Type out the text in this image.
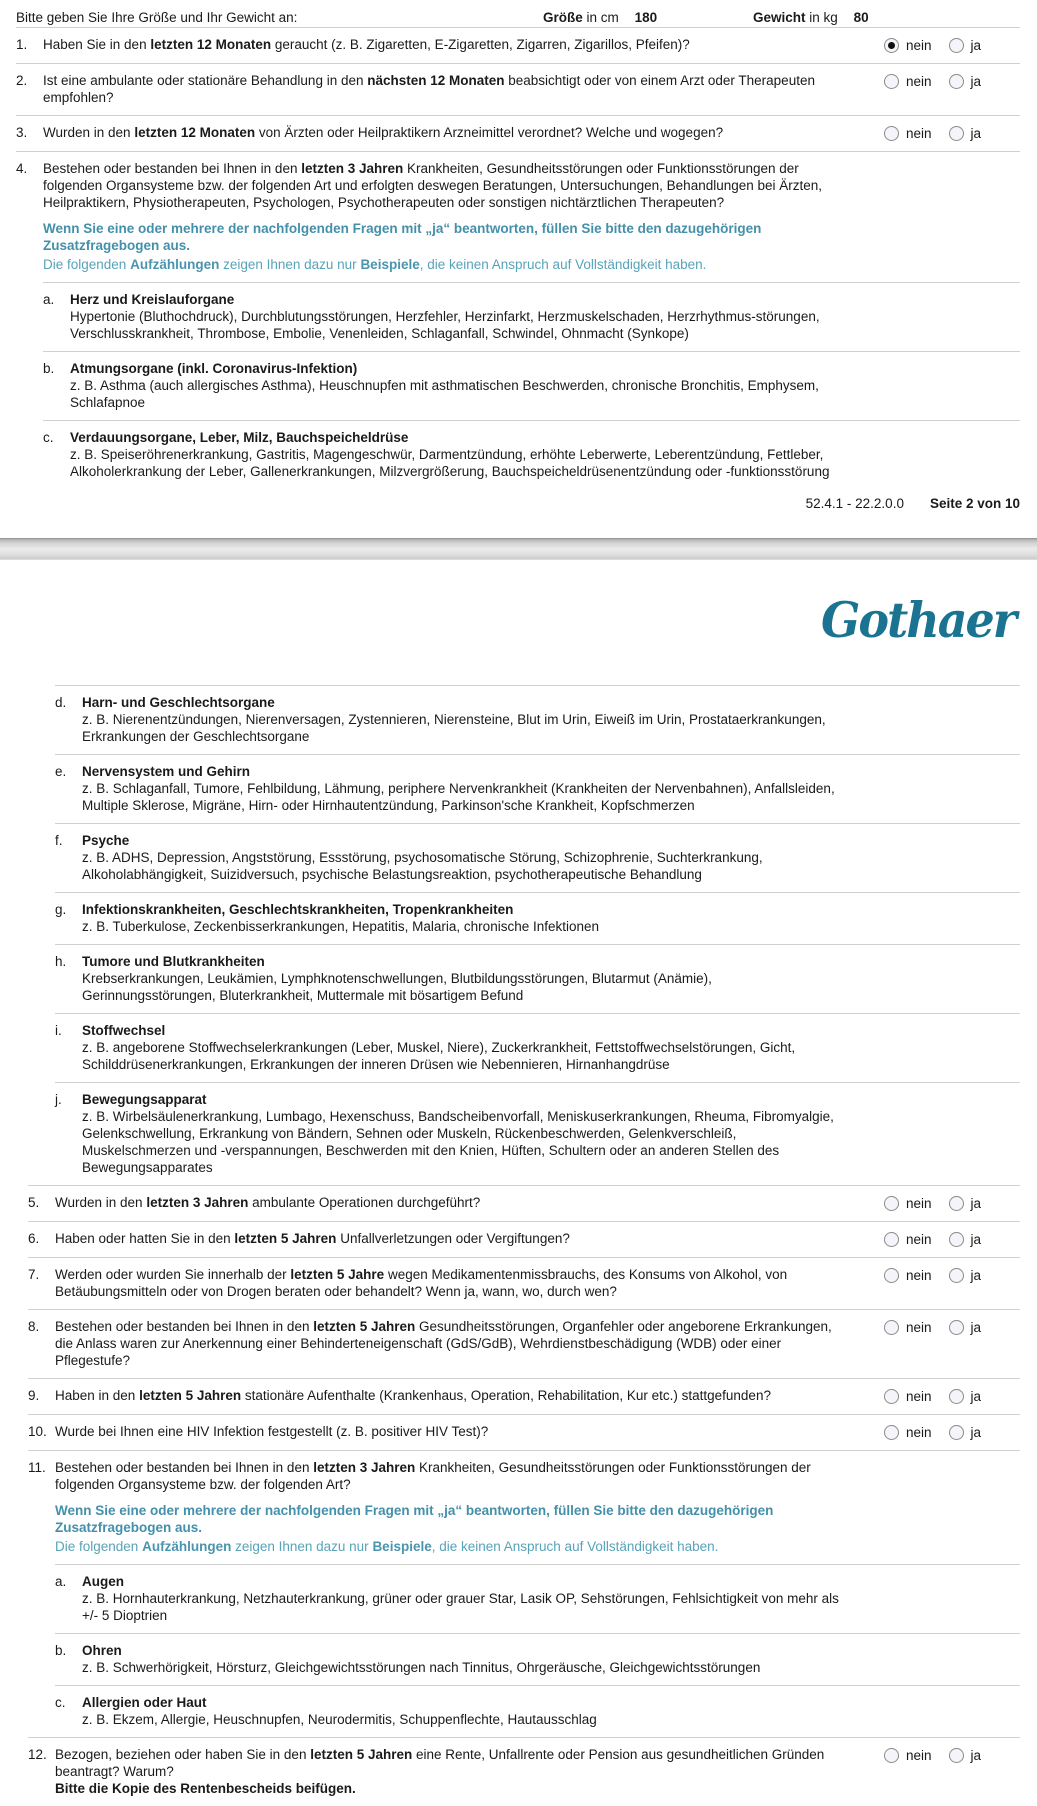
Bitte geben Sie Ihre Größe und Ihr Gewicht an:	Größe in cm 180	Gewicht in kg 80
1.	Haben Sie in den letzten 12 Monaten geraucht (z. B. Zigaretten, E-Zigaretten, Zigarren, Zigarillos, Pfeifen)?	nein	ja
2.	Ist eine ambulante oder stationäre Behandlung in den nächsten 12 Monaten beabsichtigt oder von einem Arzt oder Therapeuten empfohlen?
nein	ja
3.	Wurden in den letzten 12 Monaten von Ärzten oder Heilpraktikern Arzneimittel verordnet? Welche und wogegen?	nein	ja
4.	Bestehen oder bestanden bei Ihnen in den letzten 3 Jahren Krankheiten, Gesundheitsstörungen oder Funktionsstörungen der folgenden Organsysteme bzw. der folgenden Art und erfolgten deswegen Beratungen, Untersuchungen, Behandlungen bei Ärzten, Heilpraktikern, Physiotherapeuten, Psychologen, Psychotherapeuten oder sonstigen nichtärztlichen Therapeuten?
Wenn Sie eine oder mehrere der nachfolgenden Fragen mit „ja“ beantworten, füllen Sie bitte den dazugehörigen Zusatzfragebogen aus.
Die folgenden Aufzählungen zeigen Ihnen dazu nur Beispiele, die keinen Anspruch auf Vollständigkeit haben.
a.	Herz und Kreislauforgane
Hypertonie (Bluthochdruck), Durchblutungsstörungen, Herzfehler, Herzinfarkt, Herzmuskelschaden, Herzrhythmus-störungen, Verschlusskrankheit, Thrombose, Embolie, Venenleiden, Schlaganfall, Schwindel, Ohnmacht (Synkope)
b.	Atmungsorgane (inkl. Coronavirus-Infektion)
z. B. Asthma (auch allergisches Asthma), Heuschnupfen mit asthmatischen Beschwerden, chronische Bronchitis, Emphysem, Schlafapnoe
c.	Verdauungsorgane, Leber, Milz, Bauchspeicheldrüse
z. B. Speiseröhrenerkrankung, Gastritis, Magengeschwür, Darmentzündung, erhöhte Leberwerte, Leberentzündung, Fettleber, Alkoholerkrankung der Leber, Gallenerkrankungen, Milzvergrößerung, Bauchspeicheldrüsenentzündung oder -funktionsstörung
52.4.1 - 22.2.0.0 Seite 2 von 10
Gothaer
d.	Harn- und Geschlechtsorgane
z. B. Nierenentzündungen, Nierenversagen, Zystennieren, Nierensteine, Blut im Urin, Eiweiß im Urin, Prostataerkrankungen, Erkrankungen der Geschlechtsorgane
e.	Nervensystem und Gehirn
z. B. Schlaganfall, Tumore, Fehlbildung, Lähmung, periphere Nervenkrankheit (Krankheiten der Nervenbahnen), Anfallsleiden, Multiple Sklerose, Migräne, Hirn- oder Hirnhautentzündung, Parkinson'sche Krankheit, Kopfschmerzen
f.	Psyche
z. B. ADHS, Depression, Angststörung, Essstörung, psychosomatische Störung, Schizophrenie, Suchterkrankung, Alkoholabhängigkeit, Suizidversuch, psychische Belastungsreaktion, psychotherapeutische Behandlung
g.	Infektionskrankheiten, Geschlechtskrankheiten, Tropenkrankheiten
z. B. Tuberkulose, Zeckenbisserkrankungen, Hepatitis, Malaria, chronische Infektionen
h.	Tumore und Blutkrankheiten
Krebserkrankungen, Leukämien, Lymphknotenschwellungen, Blutbildungsstörungen, Blutarmut (Anämie), Gerinnungsstörungen, Bluterkrankheit, Muttermale mit bösartigem Befund
i.	Stoffwechsel
z. B. angeborene Stoffwechselerkrankungen (Leber, Muskel, Niere), Zuckerkrankheit, Fettstoffwechselstörungen, Gicht, Schilddrüsenerkrankungen, Erkrankungen der inneren Drüsen wie Nebennieren, Hirnanhangdrüse
j.	Bewegungsapparat
z. B. Wirbelsäulenerkrankung, Lumbago, Hexenschuss, Bandscheibenvorfall, Meniskuserkrankungen, Rheuma, Fibromyalgie, Gelenkschwellung, Erkrankung von Bändern, Sehnen oder Muskeln, Rückenbeschwerden, Gelenkverschleiß, Muskelschmerzen und -verspannungen, Beschwerden mit den Knien, Hüften, Schultern oder an anderen Stellen des Bewegungsapparates
5.	Wurden in den letzten 3 Jahren ambulante Operationen durchgeführt?	nein	ja
6.	Haben oder hatten Sie in den letzten 5 Jahren Unfallverletzungen oder Vergiftungen?	nein	ja
7.	Werden oder wurden Sie innerhalb der letzten 5 Jahre wegen Medikamentenmissbrauchs, des Konsums von Alkohol, von Betäubungsmitteln oder von Drogen beraten oder behandelt? Wenn ja, wann, wo, durch wen?
nein	ja
8.	Bestehen oder bestanden bei Ihnen in den letzten 5 Jahren Gesundheitsstörungen, Organfehler oder angeborene Erkrankungen, die Anlass waren zur Anerkennung einer Behinderteneigenschaft (GdS/GdB), Wehrdienstbeschädigung (WDB) oder einer Pflegestufe?
nein	ja
9.	Haben in den letzten 5 Jahren stationäre Aufenthalte (Krankenhaus, Operation, Rehabilitation, Kur etc.) stattgefunden?	nein	ja
10. Wurde bei Ihnen eine HIV Infektion festgestellt (z. B. positiver HIV Test)?	nein	ja
11. Bestehen oder bestanden bei Ihnen in den letzten 3 Jahren Krankheiten, Gesundheitsstörungen oder Funktionsstörungen der folgenden Organsysteme bzw. der folgenden Art?
Wenn Sie eine oder mehrere der nachfolgenden Fragen mit „ja“ beantworten, füllen Sie bitte den dazugehörigen Zusatzfragebogen aus.
Die folgenden Aufzählungen zeigen Ihnen dazu nur Beispiele, die keinen Anspruch auf Vollständigkeit haben.
a.	Augen
z. B. Hornhauterkrankung, Netzhauterkrankung, grüner oder grauer Star, Lasik OP, Sehstörungen, Fehlsichtigkeit von mehr als +/- 5 Dioptrien
b.	Ohren
z. B. Schwerhörigkeit, Hörsturz, Gleichgewichtsstörungen nach Tinnitus, Ohrgeräusche, Gleichgewichtsstörungen
c.	Allergien oder Haut
z. B. Ekzem, Allergie, Heuschnupfen, Neurodermitis, Schuppenflechte, Hautausschlag
12. Bezogen, beziehen oder haben Sie in den letzten 5 Jahren eine Rente, Unfallrente oder Pension aus gesundheitlichen Gründen beantragt? Warum?
Bitte die Kopie des Rentenbescheids beifügen.
nein	ja
